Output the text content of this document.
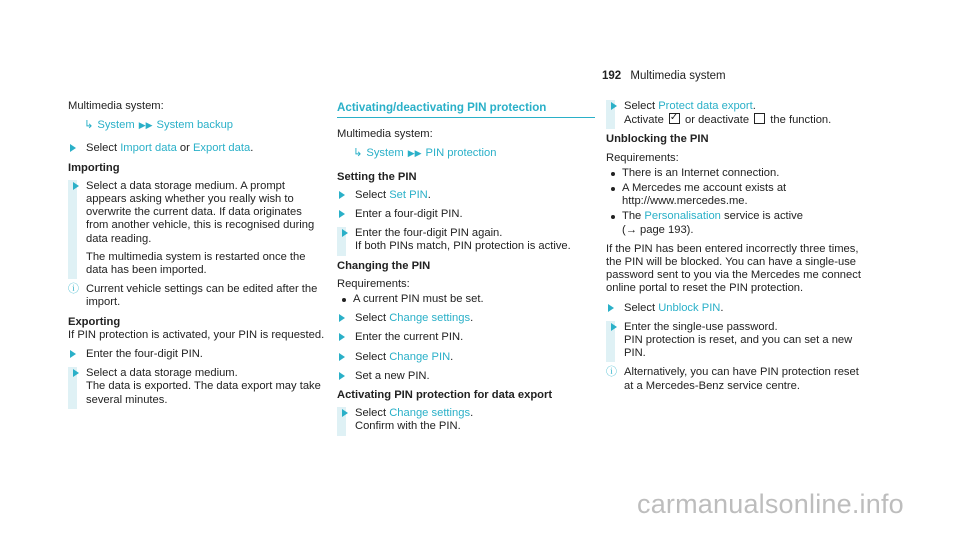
192 Multimedia system

Multimedia system:

↳ System ▶▶ System backup

Select Import data or Export data.

Importing

Select a data storage medium. A prompt appears asking whether you really wish to overwrite the current data. If data originates from another vehicle, this is recognised during data reading.

The multimedia system is restarted once the data has been imported.

ⓘ Current vehicle settings can be edited after the import.

Exporting

If PIN protection is activated, your PIN is requested.

Enter the four-digit PIN.

Select a data storage medium.

The data is exported. The data export may take several minutes.

Activating/deactivating PIN protection

Multimedia system:

↳ System ▶▶ PIN protection

Setting the PIN

Select Set PIN.

Enter a four-digit PIN.

Enter the four-digit PIN again.

If both PINs match, PIN protection is active.

Changing the PIN

Requirements:

A current PIN must be set.

Select Change settings.

Enter the current PIN.

Select Change PIN.

Set a new PIN.

Activating PIN protection for data export

Select Change settings.

Confirm with the PIN.

Select Protect data export.

Activate ✓ or deactivate  the function.

Unblocking the PIN

Requirements:

There is an Internet connection.
A Mercedes me account exists at http://www.mercedes.me.
The Personalisation service is active
(→ page 193).

If the PIN has been entered incorrectly three times, the PIN will be blocked. You can have a single-use password sent to you via the Mercedes me connect online portal to reset the PIN protection.

Select Unblock PIN.

Enter the single-use password.

PIN protection is reset, and you can set a new PIN.

ⓘ Alternatively, you can have PIN protection reset at a Mercedes-Benz service centre.
carmanualsonline.info
